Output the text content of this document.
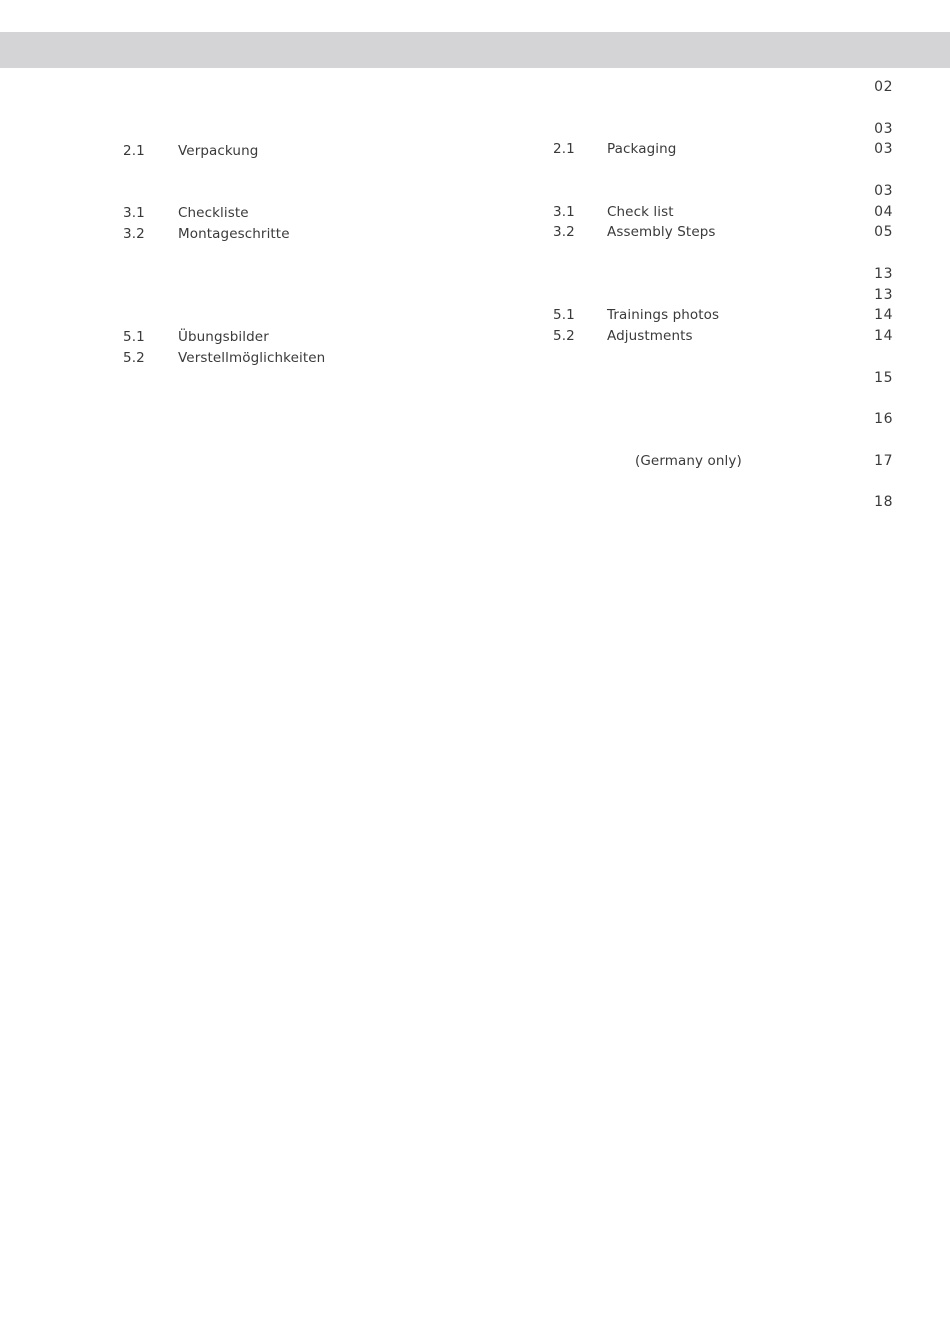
2.1 Verpackung
3.1 Checkliste
3.2 Montageschritte
5.1 Übungsbilder
5.2 Verstellmöglichkeiten
2.1 Packaging
3.1 Check list
3.2 Assembly Steps
5.1 Trainings photos
5.2 Adjustments
(Germany only)
02
03
03
03
04
05
13
13
14
14
15
16
17
18
